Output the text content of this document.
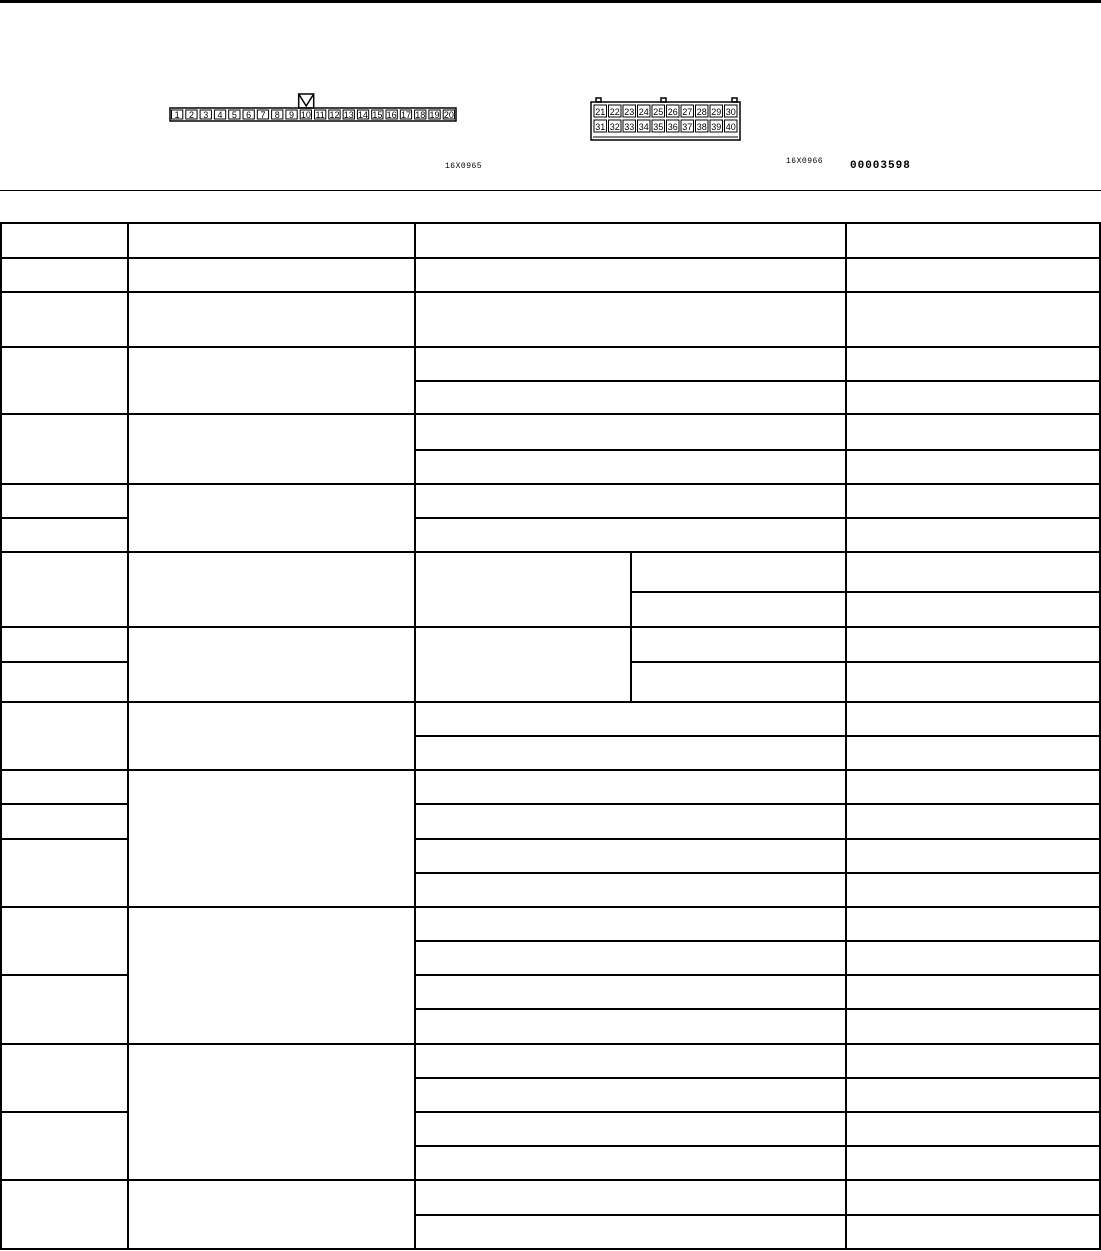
1 2 3 4 5 6 7 8 9 10 11 12 13 14 15 16 17 18 19 20
16X0965
21 22 23 24 25 26 27 28 29 30
31 32 33 34 35 36 37 38 39 40
16X0966 00003598
